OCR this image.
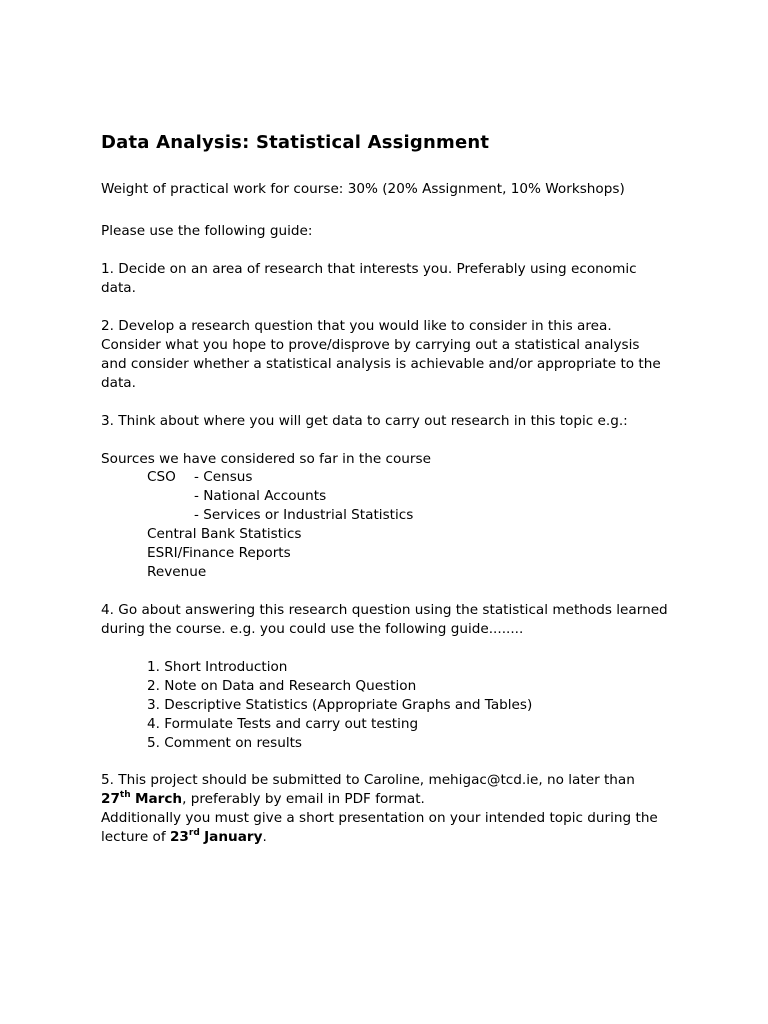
Data Analysis: Statistical Assignment
Weight of practical work for course: 30% (20% Assignment, 10% Workshops)
Please use the following guide:
1. Decide on an area of research that interests you. Preferably using economic
data.
2. Develop a research question that you would like to consider in this area.
Consider what you hope to prove/disprove by carrying out a statistical analysis
and consider whether a statistical analysis is achievable and/or appropriate to the
data.
3. Think about where you will get data to carry out research in this topic e.g.:
Sources we have considered so far in the course
CSO - Census
- National Accounts
- Services or Industrial Statistics
Central Bank Statistics
ESRI/Finance Reports
Revenue
4. Go about answering this research question using the statistical methods learned
during the course. e.g. you could use the following guide........
1. Short Introduction
2. Note on Data and Research Question
3. Descriptive Statistics (Appropriate Graphs and Tables)
4. Formulate Tests and carry out testing
5. Comment on results
5. This project should be submitted to Caroline, mehigac@tcd.ie, no later than
27th March, preferably by email in PDF format.
Additionally you must give a short presentation on your intended topic during the
lecture of 23rd January.
